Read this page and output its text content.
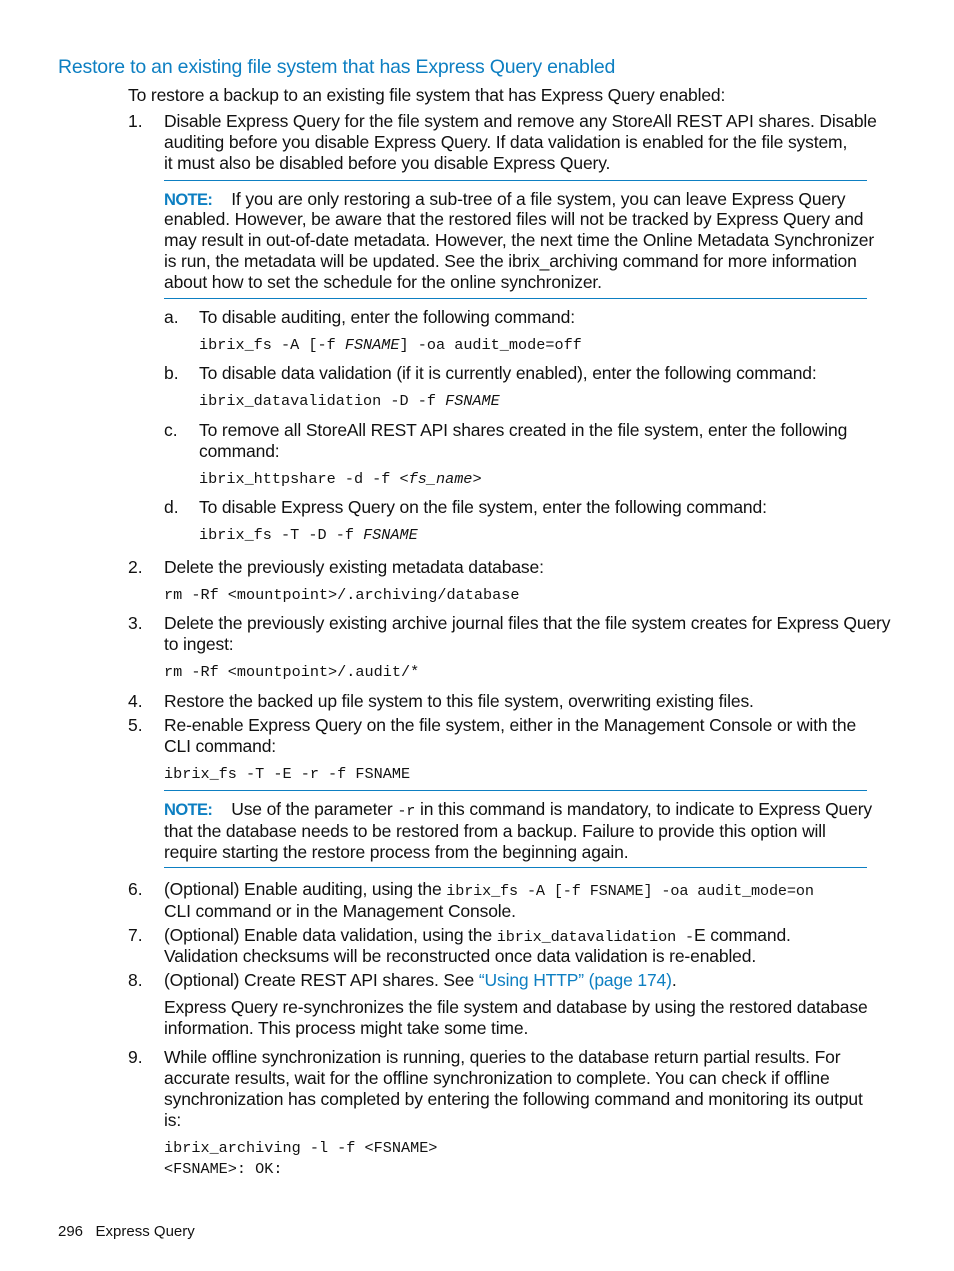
Restore to an existing file system that has Express Query enabled
To restore a backup to an existing file system that has Express Query enabled:
1. Disable Express Query for the file system and remove any StoreAll REST API shares. Disable
auditing before you disable Express Query. If data validation is enabled for the file system,
it must also be disabled before you disable Express Query.
NOTE: If you are only restoring a sub-tree of a file system, you can leave Express Query
enabled. However, be aware that the restored files will not be tracked by Express Query and
may result in out-of-date metadata. However, the next time the Online Metadata Synchronizer
is run, the metadata will be updated. See the ibrix_archiving command for more information
about how to set the schedule for the online synchronizer.
a. To disable auditing, enter the following command:
ibrix_fs -A [-f FSNAME] -oa audit_mode=off
b. To disable data validation (if it is currently enabled), enter the following command:
ibrix_datavalidation -D -f FSNAME
c. To remove all StoreAll REST API shares created in the file system, enter the following
command:
ibrix_httpshare -d -f <fs_name>
d. To disable Express Query on the file system, enter the following command:
ibrix_fs -T -D -f FSNAME
2. Delete the previously existing metadata database:
rm -Rf <mountpoint>/.archiving/database
3. Delete the previously existing archive journal files that the file system creates for Express Query
to ingest:
rm -Rf <mountpoint>/.audit/*
4. Restore the backed up file system to this file system, overwriting existing files.
5. Re-enable Express Query on the file system, either in the Management Console or with the
CLI command:
ibrix_fs -T -E -r -f FSNAME
NOTE: Use of the parameter -r in this command is mandatory, to indicate to Express Query
that the database needs to be restored from a backup. Failure to provide this option will
require starting the restore process from the beginning again.
6. (Optional) Enable auditing, using the ibrix_fs -A [-f FSNAME] -oa audit_mode=on
CLI command or in the Management Console.
7. (Optional) Enable data validation, using the ibrix_datavalidation -E command.
Validation checksums will be reconstructed once data validation is re-enabled.
8. (Optional) Create REST API shares. See “Using HTTP” (page 174).
Express Query re-synchronizes the file system and database by using the restored database
information. This process might take some time.
9. While offline synchronization is running, queries to the database return partial results. For
accurate results, wait for the offline synchronization to complete. You can check if offline
synchronization has completed by entering the following command and monitoring its output
is:
ibrix_archiving -l -f <FSNAME>
<FSNAME>: OK:
296 Express Query
